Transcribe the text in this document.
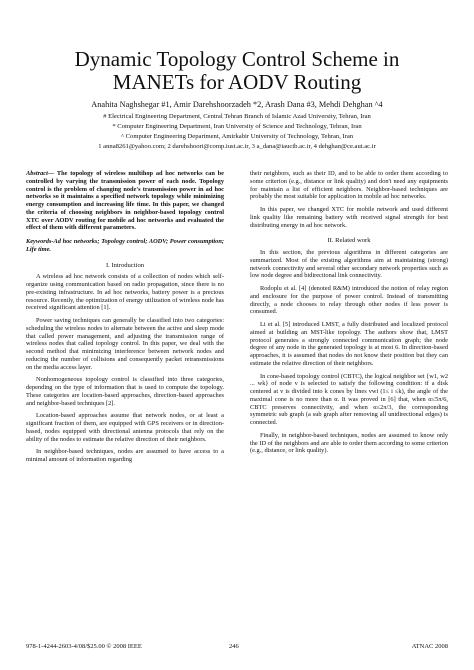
Dynamic Topology Control Scheme in
MANETs for AODV Routing
Anahita Naghshegar #1, Amir Darehshoorzadeh *2, Arash Dana #3, Mehdi Dehghan ^4
# Electrical Engineering Department, Central Tehran Branch of Islamic Azad University, Tehran, Iran
* Computer Engineering Department, Iran University of Science and Technology, Tehran, Iran
^ Computer Engineering Department, Amirkabir University of Technology, Tehran, Iran
1 anna8261@yahoo.com; 2 darehshoori@comp.iust.ac.ir, 3 a_dana@iauctb.ac.ir, 4 dehghan@ce.aut.ac.ir

Abstract— The topology of wireless multihop ad hoc networks can be controlled by varying the transmission power of each node. Topology control is the problem of changing node's transmission power in ad hoc networks so it maintains a specified network topology while minimizing energy consumption and increasing life time. In this paper, we changed the criteria of choosing neighbors in neighbor-based topology control XTC over AODV routing for mobile ad hoc networks and evaluated the effect of them with different parameters.

Keywords-Ad hoc networks; Topology control; AODV; Power consumption; Life time.

I. Introduction

A wireless ad hoc network consists of a collection of nodes which self-organize using communication based on radio propagation, since there is no pre-existing infrastructure. In ad hoc networks, battery power is a precious resource. Recently, the optimization of energy utilization of wireless node has received significant attention [1].

Power saving techniques can generally be classified into two categories: scheduling the wireless nodes to alternate between the active and sleep mode that called power management, and adjusting the transmission range of wireless nodes that called topology control. In this paper, we deal with the second method that minimizing interference between network nodes and reducing the number of collisions and consequently packet retransmissions on the media access layer.

Nonhomogeneous topology control is classified into three categories, depending on the type of information that is used to compute the topology. These categories are location-based approaches, direction-based approaches and neighbor-based techniques [2].

Location-based approaches assume that network nodes, or at least a significant fraction of them, are equipped with GPS receivers or in direction-based, nodes equipped with directional antenna protocols that rely on the ability of the nodes to estimate the relative direction of their neighbors.

In neighbor-based techniques, nodes are assumed to have access to a minimal amount of information regarding

their neighbors, such as their ID, and to be able to order them according to some criterion (e.g., distance or link quality) and don't need any equipments for maintain a list of efficient neighbors. Neighbor-based techniques are probably the most suitable for application in mobile ad hoc networks.

In this paper, we changed XTC for mobile network and used different link quality like remaining battery with received signal strength for best distributing energy in ad hoc network.

II. Related work

In this section, the previous algorithms in different categories are summarized. Most of the existing algorithms aim at maintaining (strong) network connectivity and several other secondary network properties such as low node degree and bidirectional link connectivity.

Rodoplu et al. [4] (denoted R&M) introduced the notion of relay region and enclosure for the purpose of power control. Instead of transmitting directly, a node chooses to relay through other nodes if less power is consumed.

Li et al. [5] introduced LMST, a fully distributed and localized protocol aimed at building an MST-like topology. The authors show that, LMST protocol generates a strongly connected communication graph; the node degree of any node in the generated topology is at most 6. In direction-based approaches, it is assumed that nodes do not know their position but they can estimate the relative direction of their neighbors.

In cone-based topology control (CBTC), the logical neighbor set {w1, w2 ... wk} of node v is selected to satisfy the following condition: if a disk centered at v is divided into k cones by lines vwi (1≤ i ≤k), the angle of the maximal cone is no more than α. It was proved in [6] that, when α≤5π/6, CBTC preserves connectivity, and when α≤2π/3, the corresponding symmetric sub graph (a sub graph after removing all unidirectional edges) is connected.

Finally, in neighbor-based techniques, nodes are assumed to know only the ID of the neighbors and are able to order them according to some criterion (e.g., distance, or link quality).

978-1-4244-2603-4/08/$25.00 © 2008 IEEE	246	ATNAC 2008
